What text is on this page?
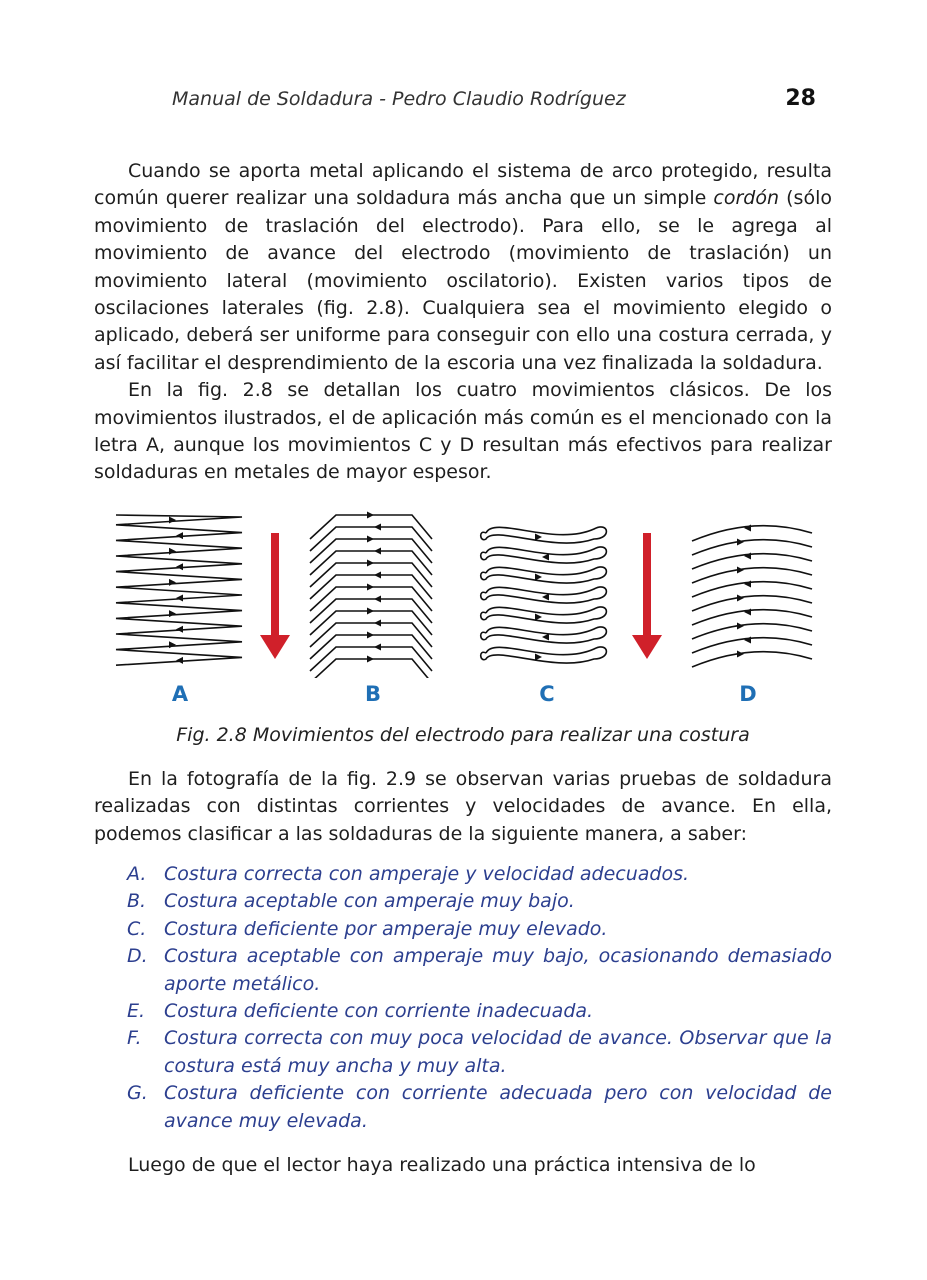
Manual de Soldadura - Pedro Claudio Rodríguez	28

Cuando se aporta metal aplicando el sistema de arco protegido, resulta común querer realizar una soldadura más ancha que un simple cordón (sólo movimiento de traslación del electrodo). Para ello, se le agrega al movimiento de avance del electrodo (movimiento de traslación) un movimiento lateral (movimiento oscilatorio). Existen varios tipos de oscilaciones laterales (fig. 2.8). Cualquiera sea el movimiento elegido o aplicado, deberá ser uniforme para conseguir con ello una costura cerrada, y así facilitar el desprendimiento de la escoria una vez finalizada la soldadura.

En la fig. 2.8 se detallan los cuatro movimientos clásicos. De los movimientos ilustrados, el de aplicación más común es el mencionado con la letra A, aunque los movimientos C y D resultan más efectivos para realizar soldaduras en metales de mayor espesor.

A	B	C	D
Fig. 2.8 Movimientos del electrodo para realizar una costura

En la fotografía de la fig. 2.9 se observan varias pruebas de soldadura realizadas con distintas corrientes y velocidades de avance. En ella, podemos clasificar a las soldaduras de la siguiente manera, a saber:

A. Costura correcta con amperaje y velocidad adecuados.
B. Costura aceptable con amperaje muy bajo.
C. Costura deficiente por amperaje muy elevado.
D. Costura aceptable con amperaje muy bajo, ocasionando demasiado aporte metálico.
E. Costura deficiente con corriente inadecuada.
F. Costura correcta con muy poca velocidad de avance. Observar que la costura está muy ancha y muy alta.
G. Costura deficiente con corriente adecuada pero con velocidad de avance muy elevada.

Luego de que el lector haya realizado una práctica intensiva de lo
